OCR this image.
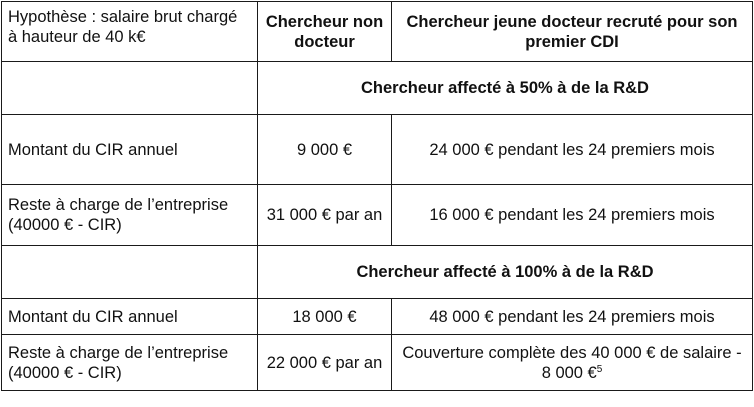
Hypothèse : salaire brut chargé à hauteur de 40 k€	Chercheur non docteur	Chercheur jeune docteur recruté pour son premier CDI
	Chercheur affecté à 50% à de la R&D	
Montant du CIR annuel	9 000 €	24 000 € pendant les 24 premiers mois
Reste à charge de l’entreprise (40000 € - CIR)	31 000 € par an	16 000 € pendant les 24 premiers mois
	Chercheur affecté à 100% à de la R&D	
Montant du CIR annuel	18 000 €	48 000 € pendant les 24 premiers mois
Reste à charge de l’entreprise (40000 € - CIR)	22 000 € par an	Couverture complète des 40 000 € de salaire - 8 000 €$^5$
